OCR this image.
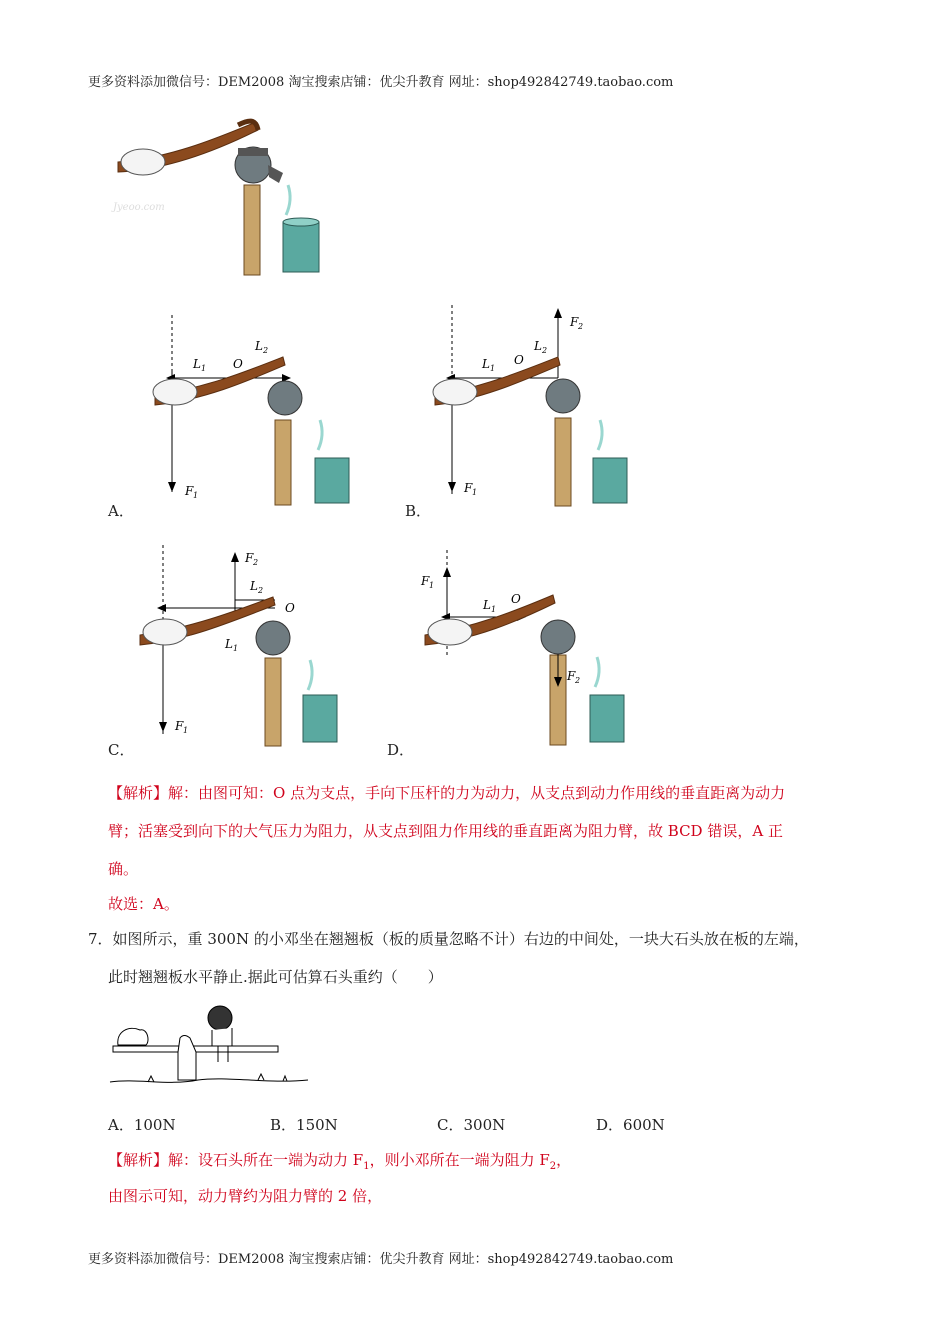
更多资料添加微信号：DEM2008 淘宝搜索店铺：优尖升教育 网址：shop492842749.taobao.com
Jyeoo.com
L 1 O
L 2
F 1
A．
L 1
O
L 2
F 2
F 1
B．
F 2
L 2
O
L 1
F 1
C．
F 1
L 1
O
F 2
D．
【解析】解：由图可知：O 点为支点，手向下压杆的力为动力，从支点到动力作用线的垂直距离为动力
臂；活塞受到向下的大气压力为阻力，从支点到阻力作用线的垂直距离为阻力臂，故 BCD 错误，A 正
确。
故选：A。
7．如图所示，重 300N 的小邓坐在翘翘板（板的质量忽略不计）右边的中间处，一块大石头放在板的左端，
此时翘翘板水平静止.据此可估算石头重约（　　）
A．100N	B．150N	C．300N	D．600N
【解析】解：设石头所在一端为动力 $F_1$，则小邓所在一端为阻力 $F_2$，
由图示可知，动力臂约为阻力臂的 2 倍，
更多资料添加微信号：DEM2008 淘宝搜索店铺：优尖升教育 网址：shop492842749.taobao.com
